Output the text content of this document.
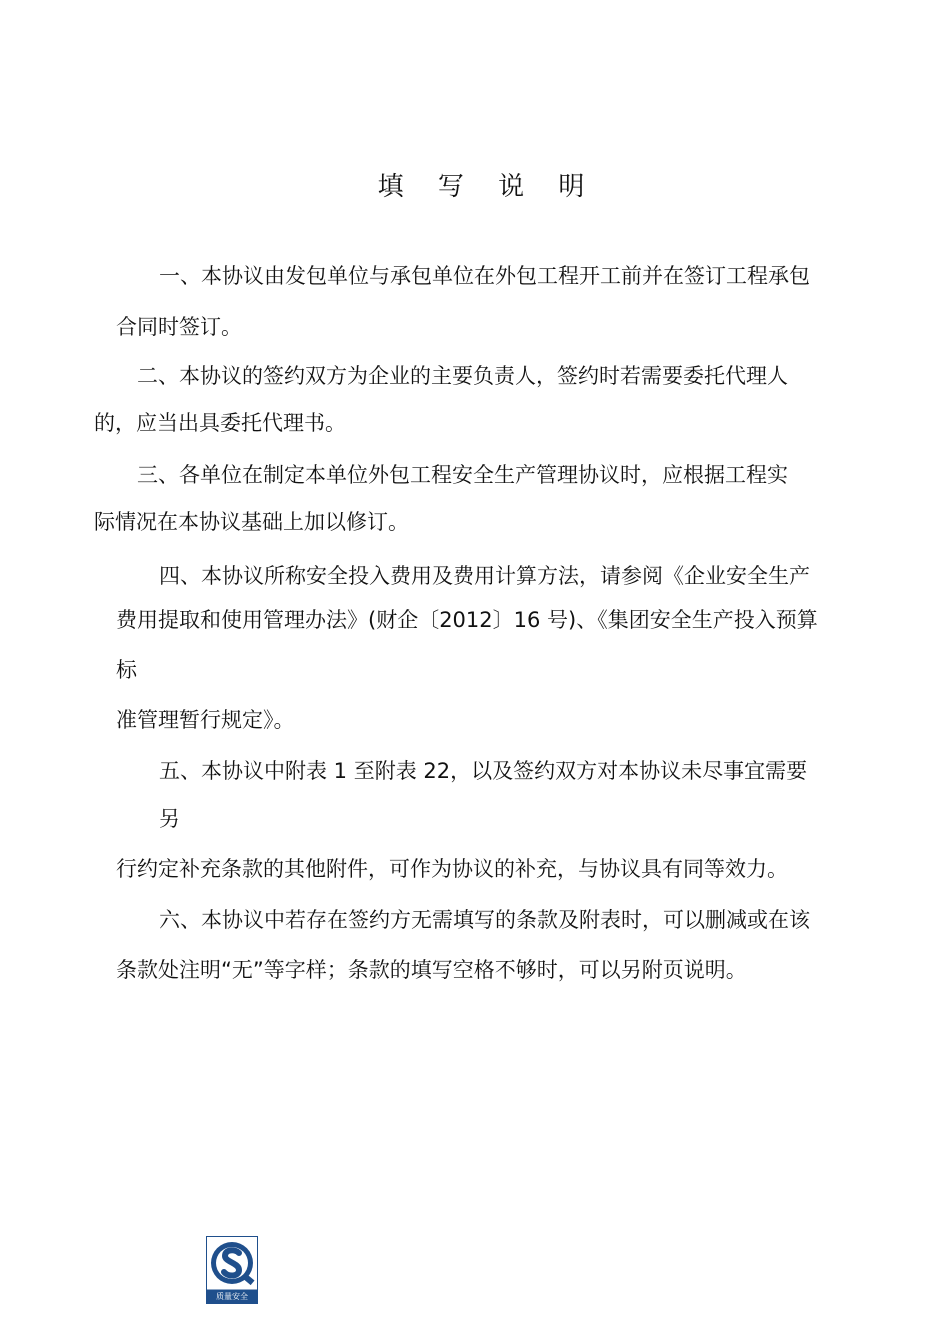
填 写 说 明
一、本协议由发包单位与承包单位在外包工程开工前并在签订工程承包
合同时签订。
二、本协议的签约双方为企业的主要负责人，签约时若需要委托代理人
的，应当出具委托代理书。
三、各单位在制定本单位外包工程安全生产管理协议时，应根据工程实
际情况在本协议基础上加以修订。
四、本协议所称安全投入费用及费用计算方法，请参阅《企业安全生产
费用提取和使用管理办法》(财企〔2012〕16 号)、《集团安全生产投入预算
标
准管理暂行规定》。
五、本协议中附表 1 至附表 22，以及签约双方对本协议未尽事宜需要
另
行约定补充条款的其他附件，可作为协议的补充，与协议具有同等效力。
六、本协议中若存在签约方无需填写的条款及附表时，可以删减或在该
条款处注明“无”等字样；条款的填写空格不够时，可以另附页说明。
质量安全
